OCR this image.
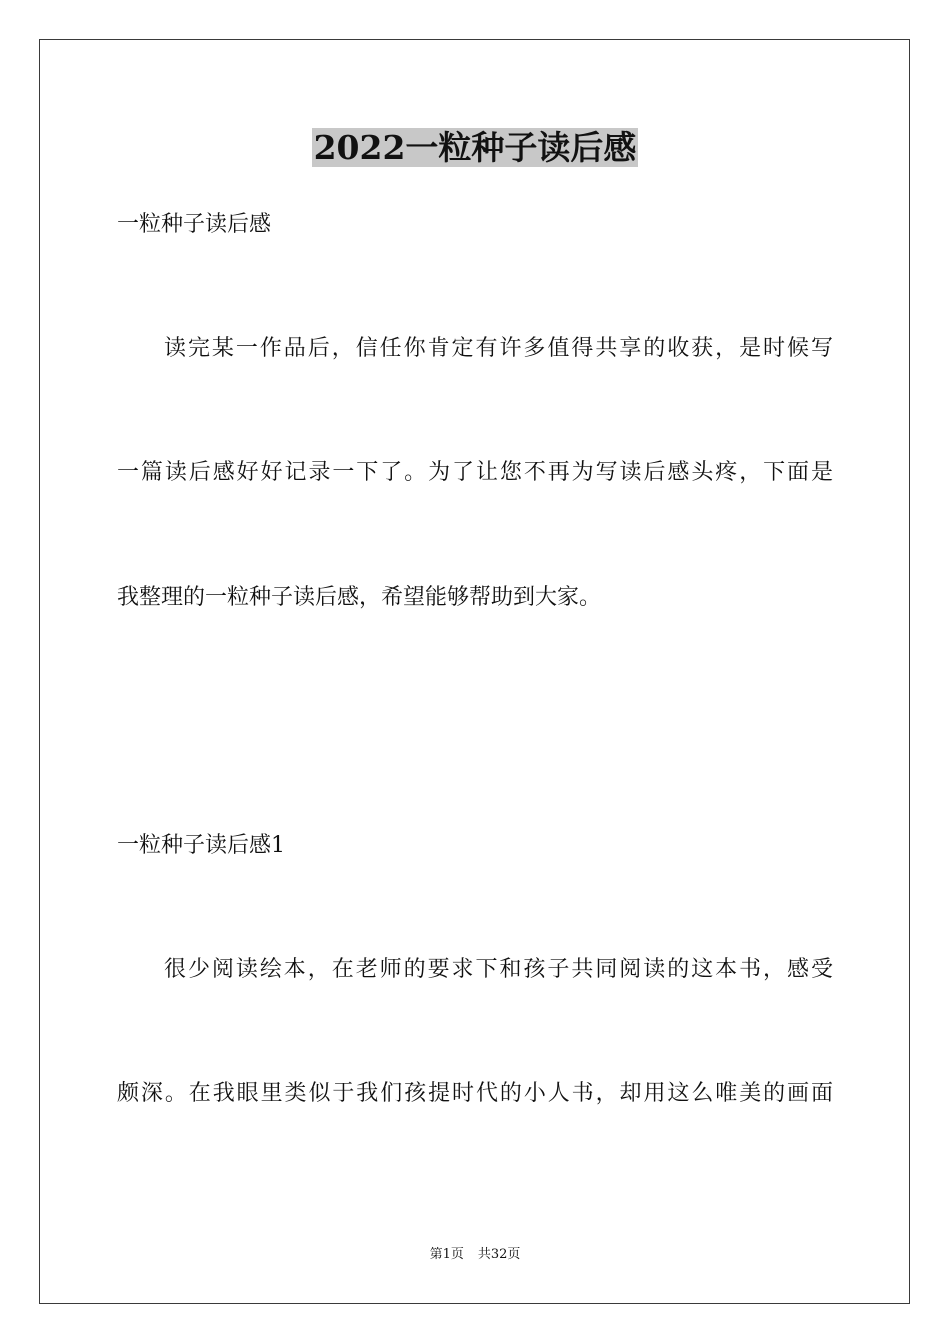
2022一粒种子读后感

一粒种子读后感

读完某一作品后，信任你肯定有许多值得共享的收获，是时候写

一篇读后感好好记录一下了。为了让您不再为写读后感头疼，下面是

我整理的一粒种子读后感，希望能够帮助到大家。

一粒种子读后感1

很少阅读绘本，在老师的要求下和孩子共同阅读的这本书，感受

颇深。在我眼里类似于我们孩提时代的小人书，却用这么唯美的画面

第1页 共32页
